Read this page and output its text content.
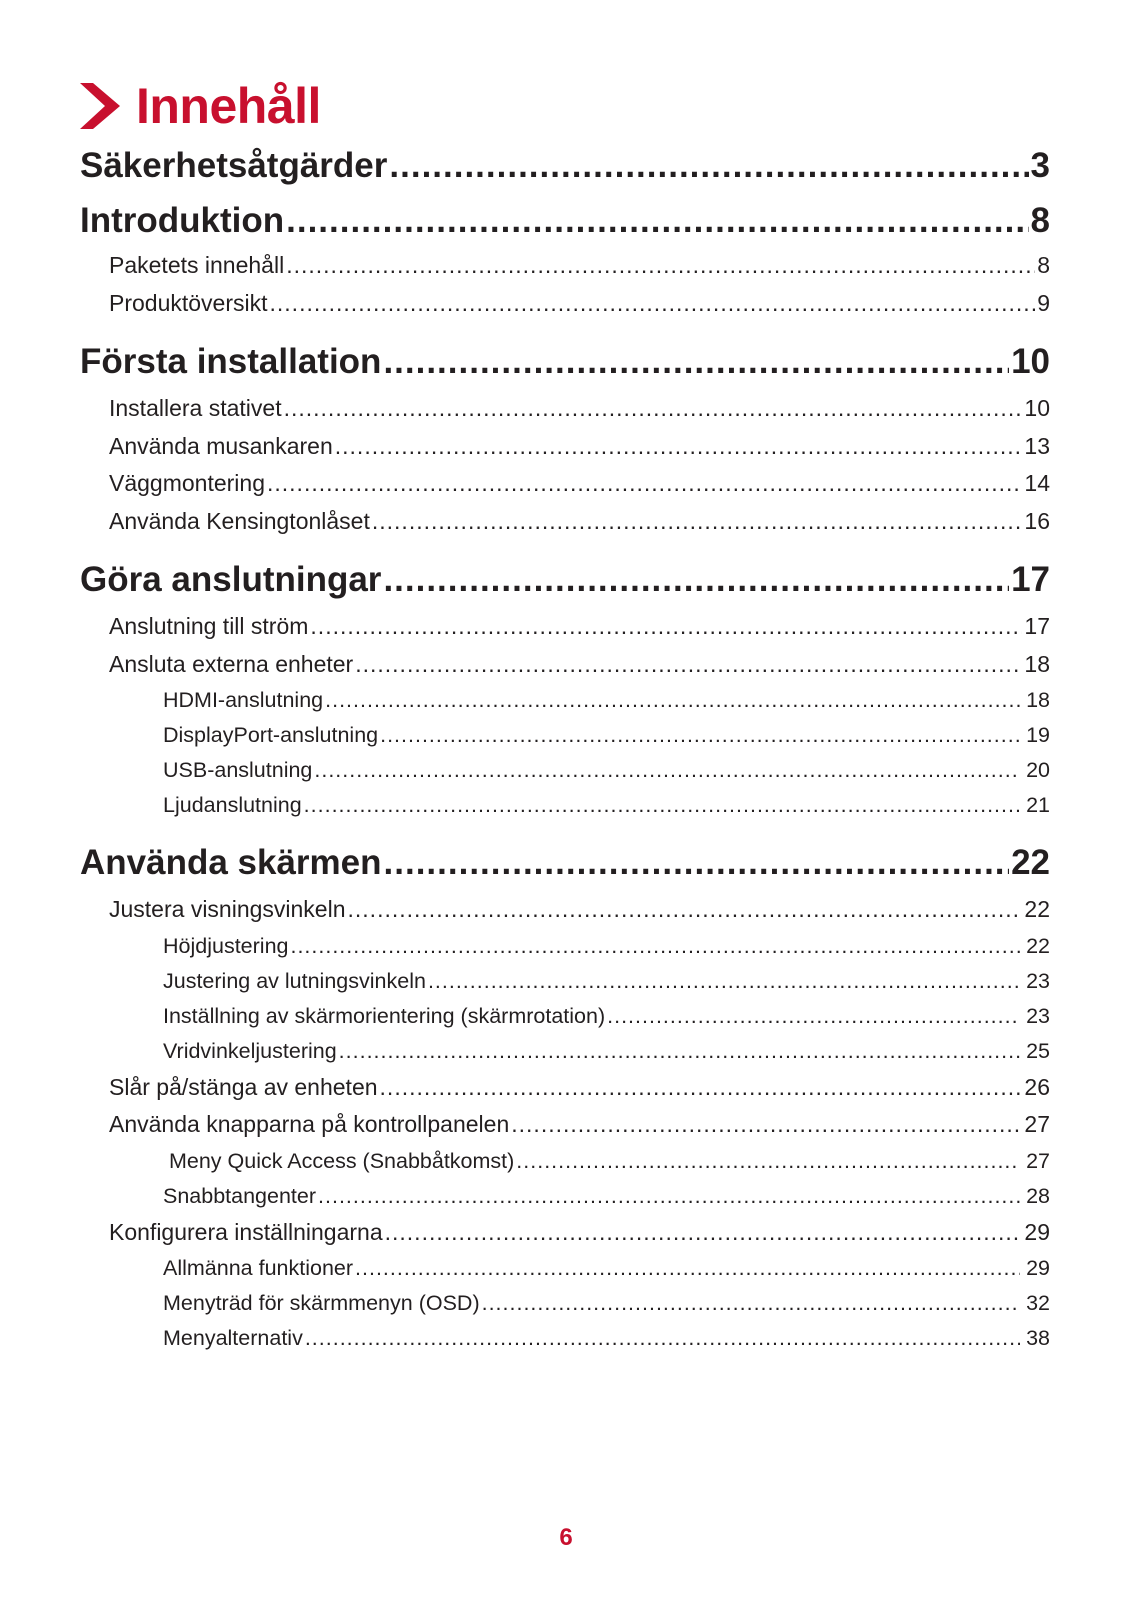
Innehåll
Säkerhetsåtgärder .....	3
Introduktion .....	8
Paketets innehåll .....	8
Produktöversikt .....	9
Första installation .....	10
Installera stativet .....	10
Använda musankaren .....	13
Väggmontering .....	14
Använda Kensingtonlåset .....	16
Göra anslutningar .....	17
Anslutning till ström .....	17
Ansluta externa enheter .....	18
HDMI-anslutning .....	18
DisplayPort-anslutning .....	19
USB-anslutning .....	20
Ljudanslutning .....	21
Använda skärmen .....	22
Justera visningsvinkeln .....	22
Höjdjustering .....	22
Justering av lutningsvinkeln .....	23
Inställning av skärmorientering (skärmrotation) .....	23
Vridvinkeljustering .....	25
Slår på/stänga av enheten .....	26
Använda knapparna på kontrollpanelen .....	27
Meny Quick Access (Snabbåtkomst) .....	27
Snabbtangenter .....	28
Konfigurera inställningarna .....	29
Allmänna funktioner .....	29
Menyträd för skärmmenyn (OSD) .....	32
Menyalternativ .....	38
6
